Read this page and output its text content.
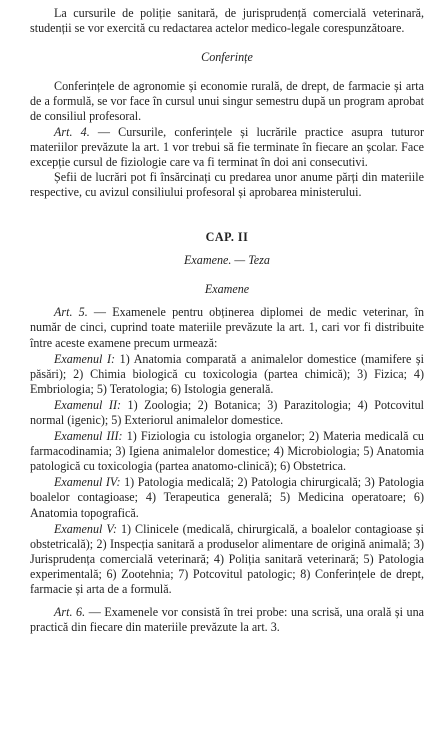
La cursurile de poliție sanitară, de jurisprudență comercială veterinară, studenții se vor exercită cu redactarea actelor medico-legale corespunzătoare.

Conferințe

Conferințele de agronomie și economie rurală, de drept, de farmacie și arta de a formulă, se vor face în cursul unui singur semestru după un program aprobat de consiliul profesoral.

Art. 4. — Cursurile, conferințele și lucrările practice asupra tuturor materiilor prevăzute la art. 1 vor trebui să fie terminate în fiecare an școlar. Face excepție cursul de fiziologie care va fi terminat în doi ani consecutivi.

Șefii de lucrări pot fi însărcinați cu predarea unor anume părți din materiile respective, cu avizul consiliului profesoral și aprobarea ministerului.

CAP. II

Examene. — Teza

Examene

Art. 5. — Examenele pentru obținerea diplomei de medic veterinar, în număr de cinci, cuprind toate materiile prevăzute la art. 1, cari vor fi distribuite între aceste examene precum urmează:

Examenul I: 1) Anatomia comparată a animalelor domestice (mamifere și păsări); 2) Chimia biologică cu toxicologia (partea chimică); 3) Fizica; 4) Embriologia; 5) Teratologia; 6) Istologia generală.

Examenul II: 1) Zoologia; 2) Botanica; 3) Parazitologia; 4) Potcovitul normal (igenic); 5) Exteriorul animalelor domestice.

Examenul III: 1) Fiziologia cu istologia organelor; 2) Materia medicală cu farmacodinamia; 3) Igiena animalelor domestice; 4) Microbiologia; 5) Anatomia patologică cu toxicologia (partea anatomo-clinică); 6) Obstetrica.

Examenul IV: 1) Patologia medicală; 2) Patologia chirurgicală; 3) Patologia boalelor contagioase; 4) Terapeutica generală; 5) Medicina operatoare; 6) Anatomia topografică.

Examenul V: 1) Clinicele (medicală, chirurgicală, a boalelor contagioase și obstetricală); 2) Inspecția sanitară a produselor alimentare de origină animală; 3) Jurisprudența comercială veterinară; 4) Poliția sanitară veterinară; 5) Patologia experimentală; 6) Zootehnia; 7) Potcovitul patologic; 8) Conferințele de drept, farmacie și arta de a formulă.

Art. 6. — Examenele vor consistă în trei probe: una scrisă, una orală și una practică din fiecare din materiile prevăzute la art. 3.
